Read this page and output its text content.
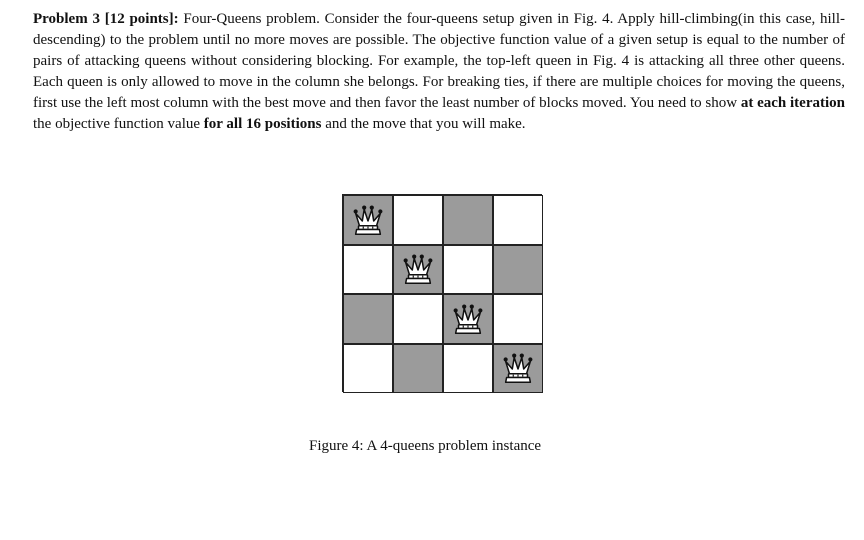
Problem 3 [12 points]: Four-Queens problem. Consider the four-queens setup given in Fig. 4. Apply hill-climbing(in this case, hill-descending) to the problem until no more moves are possible. The objective function value of a given setup is equal to the number of pairs of attacking queens without considering blocking. For example, the top-left queen in Fig. 4 is attacking all three other queens. Each queen is only allowed to move in the column she belongs. For breaking ties, if there are multiple choices for moving the queens, first use the left most column with the best move and then favor the least number of blocks moved. You need to show at each iteration the objective function value for all 16 positions and the move that you will make.

Figure 4: A 4-queens problem instance
